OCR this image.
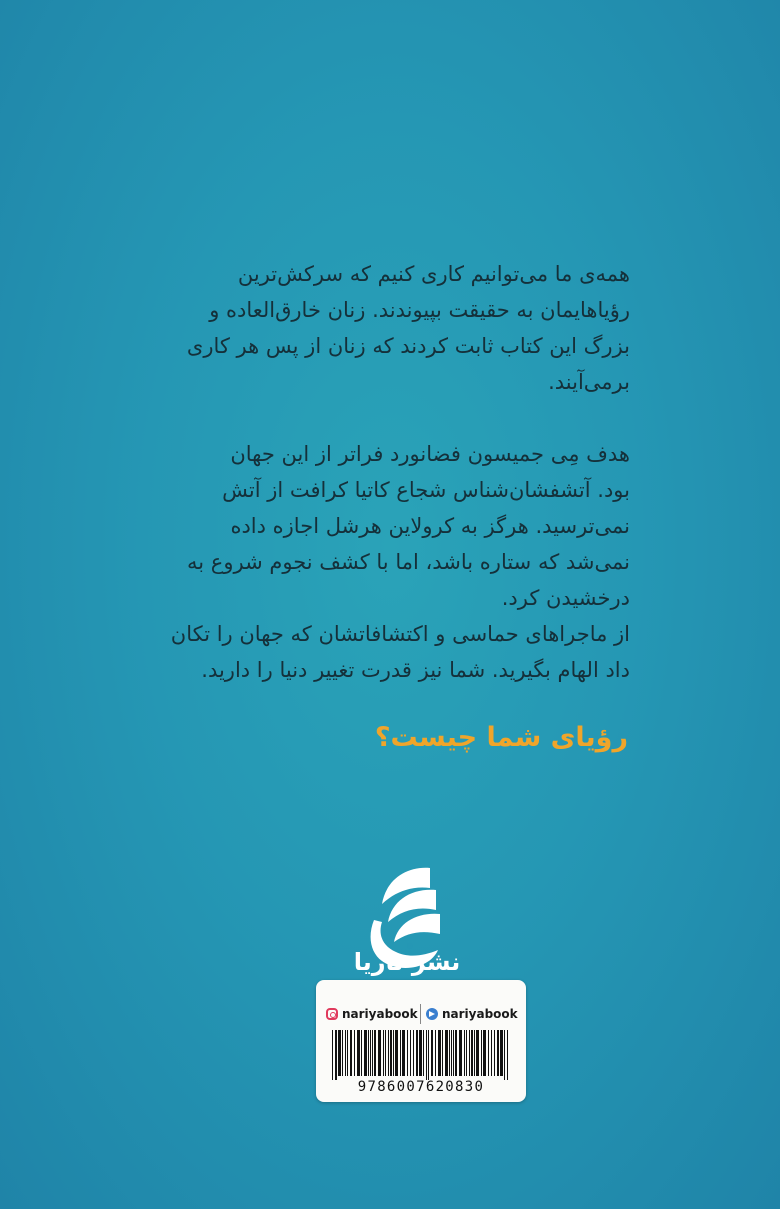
همه‌ی ما می‌توانیم کاری کنیم که سرکش‌ترین
رؤیاهایمان به حقیقت بپیوندند. زنان خارق‌العاده و
بزرگ این کتاب ثابت کردند که زنان از پس هر کاری
برمی‌آیند.
هدف مِی جمیسون فضانورد فراتر از این جهان
بود. آتشفشان‌شناس شجاع کاتیا کرافت از آتش
نمی‌ترسید. هرگز به کرولاین هرشل اجازه داده
نمی‌شد که ستاره باشد، اما با کشف نجوم شروع به
درخشیدن کرد.
از ماجراهای حماسی و اکتشافاتشان که جهان را تکان
داد الهام بگیرید. شما نیز قدرت تغییر دنیا را دارید.
رؤیای شما چیست؟
نشر ناریا
nariyabook nariyabook
9786007620830
